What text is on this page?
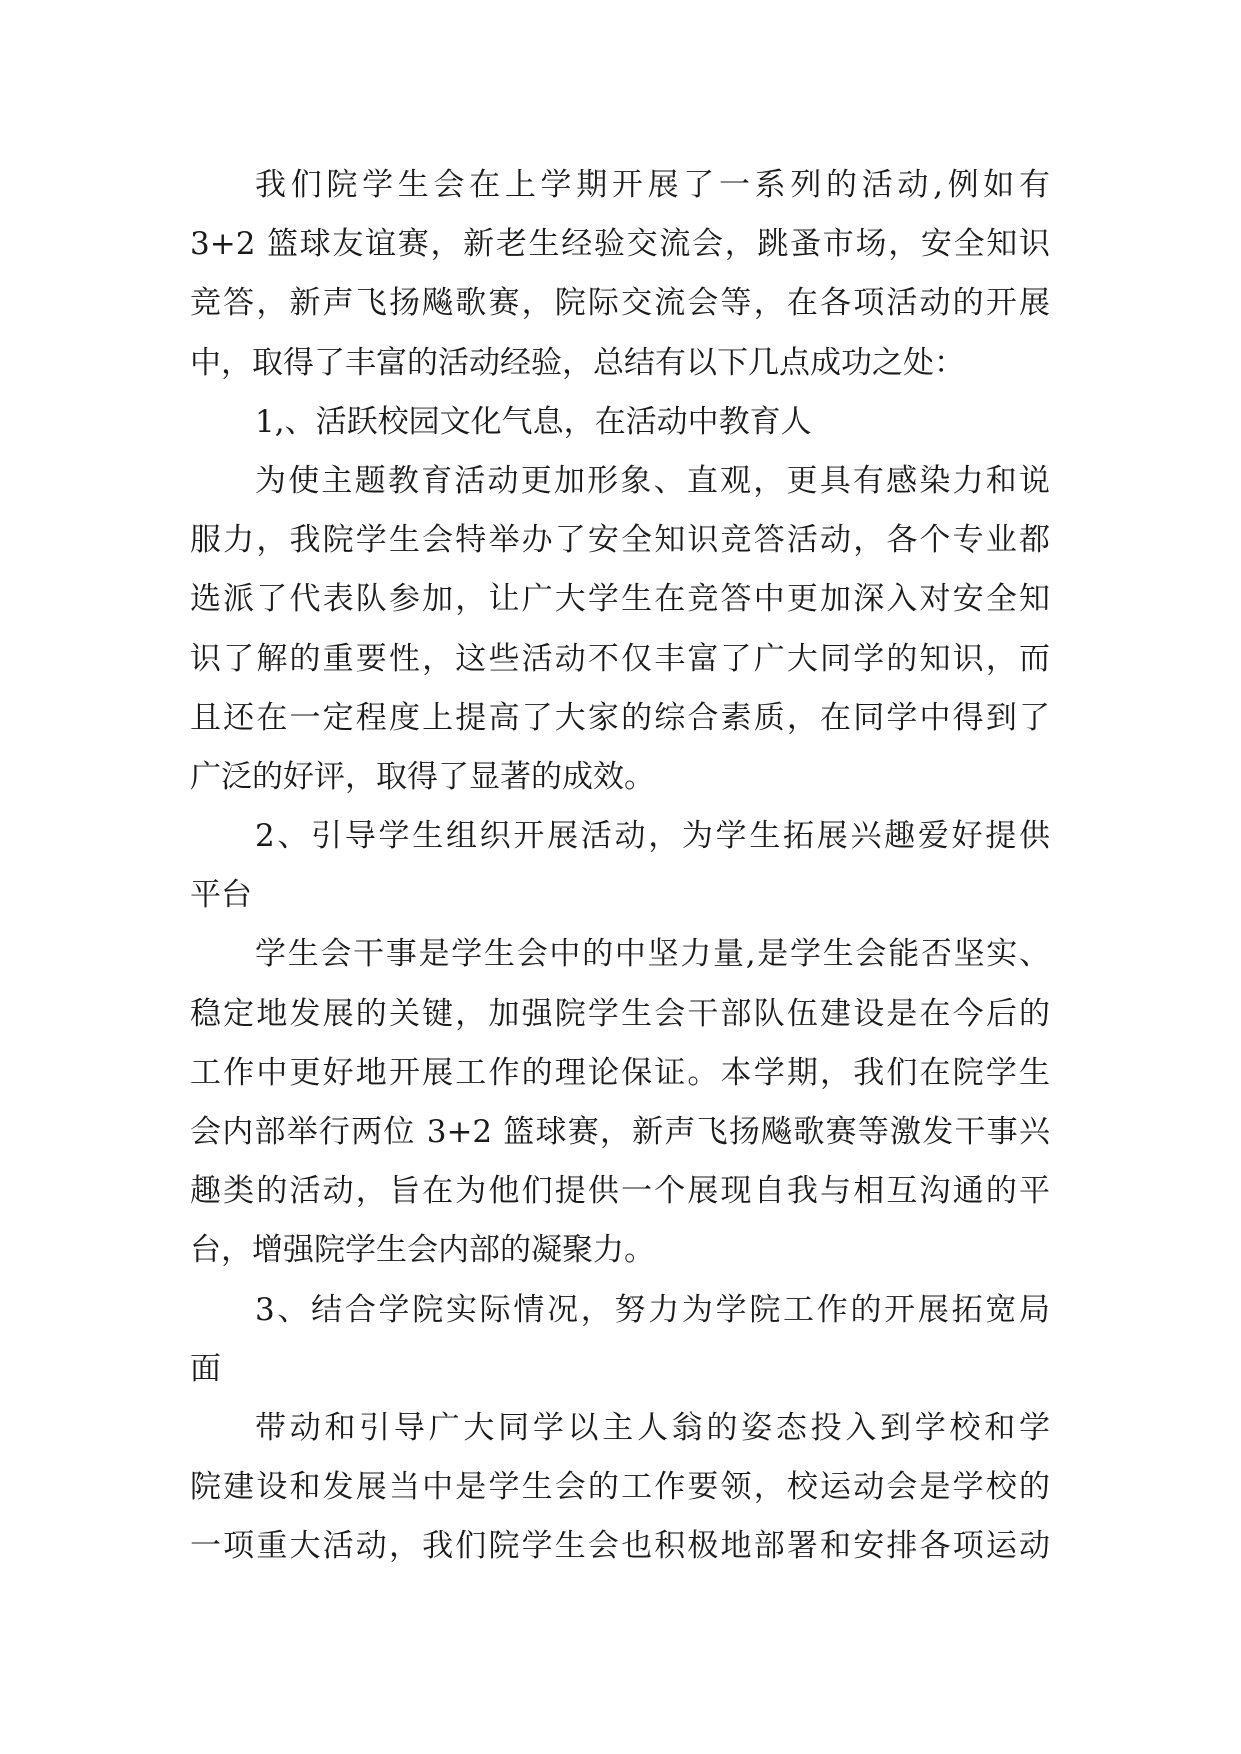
我们院学生会在上学期开展了一系列的活动,例如有
3+2 篮球友谊赛，新老生经验交流会，跳蚤市场，安全知识
竞答，新声飞扬飚歌赛，院际交流会等，在各项活动的开展
中，取得了丰富的活动经验，总结有以下几点成功之处：
1,、活跃校园文化气息，在活动中教育人
为使主题教育活动更加形象、直观，更具有感染力和说
服力，我院学生会特举办了安全知识竞答活动，各个专业都
选派了代表队参加，让广大学生在竞答中更加深入对安全知
识了解的重要性，这些活动不仅丰富了广大同学的知识，而
且还在一定程度上提高了大家的综合素质，在同学中得到了
广泛的好评，取得了显著的成效。
2、引导学生组织开展活动，为学生拓展兴趣爱好提供
平台
学生会干事是学生会中的中坚力量,是学生会能否坚实、
稳定地发展的关键，加强院学生会干部队伍建设是在今后的
工作中更好地开展工作的理论保证。本学期，我们在院学生
会内部举行两位 3+2 篮球赛，新声飞扬飚歌赛等激发干事兴
趣类的活动，旨在为他们提供一个展现自我与相互沟通的平
台，增强院学生会内部的凝聚力。
3、结合学院实际情况，努力为学院工作的开展拓宽局
面
带动和引导广大同学以主人翁的姿态投入到学校和学
院建设和发展当中是学生会的工作要领，校运动会是学校的
一项重大活动，我们院学生会也积极地部署和安排各项运动
